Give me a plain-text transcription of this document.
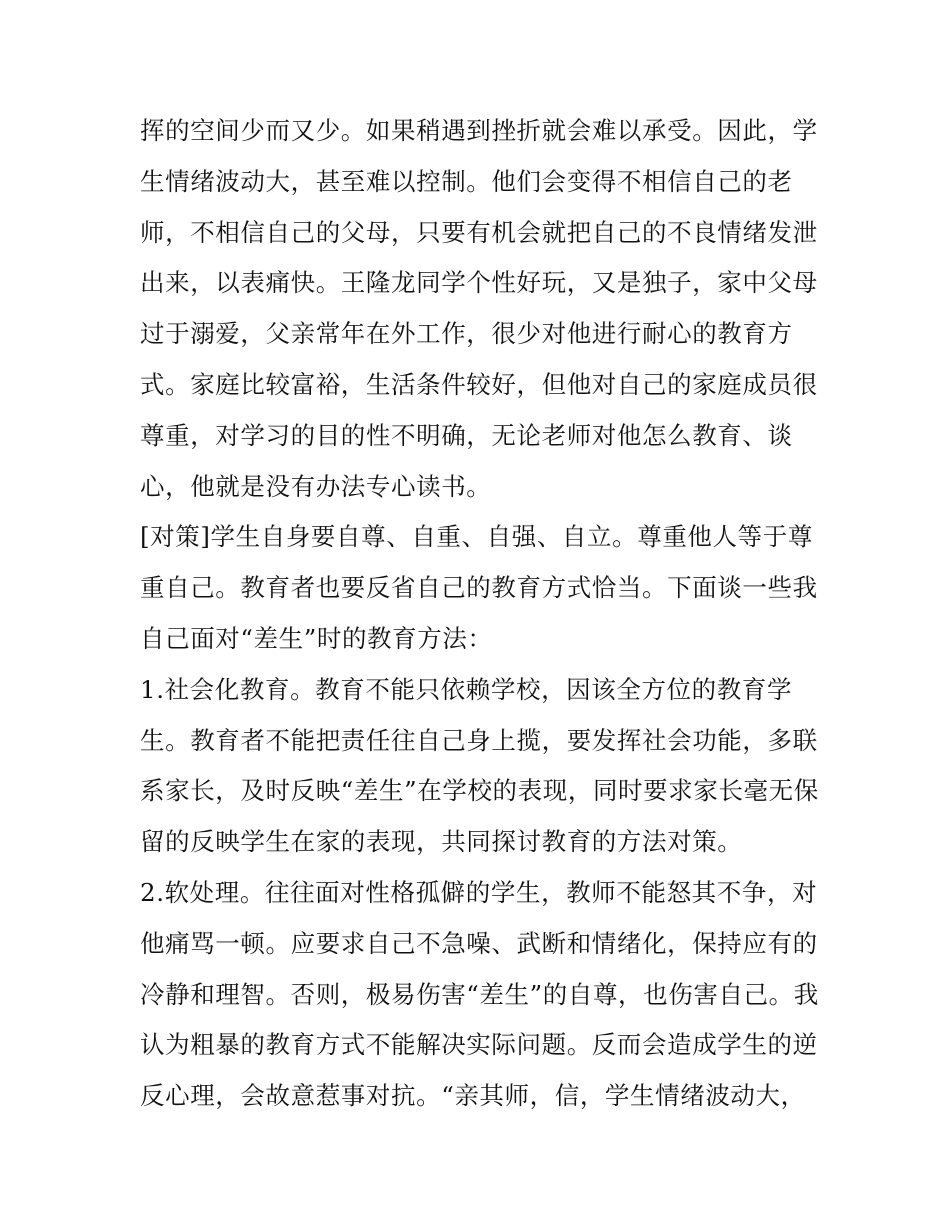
挥的空间少而又少。如果稍遇到挫折就会难以承受。因此，学
生情绪波动大，甚至难以控制。他们会变得不相信自己的老
师，不相信自己的父母，只要有机会就把自己的不良情绪发泄
出来，以表痛快。王隆龙同学个性好玩，又是独子，家中父母
过于溺爱，父亲常年在外工作，很少对他进行耐心的教育方
式。家庭比较富裕，生活条件较好，但他对自己的家庭成员很
尊重，对学习的目的性不明确，无论老师对他怎么教育、谈
心，他就是没有办法专心读书。
[对策]学生自身要自尊、自重、自强、自立。尊重他人等于尊
重自己。教育者也要反省自己的教育方式恰当。下面谈一些我
自己面对“差生”时的教育方法：
1.社会化教育。教育不能只依赖学校，因该全方位的教育学
生。教育者不能把责任往自己身上揽，要发挥社会功能，多联
系家长，及时反映“差生”在学校的表现，同时要求家长毫无保
留的反映学生在家的表现，共同探讨教育的方法对策。
2.软处理。往往面对性格孤僻的学生，教师不能怒其不争，对
他痛骂一顿。应要求自己不急噪、武断和情绪化，保持应有的
冷静和理智。否则，极易伤害“差生”的自尊，也伤害自己。我
认为粗暴的教育方式不能解决实际问题。反而会造成学生的逆
反心理，会故意惹事对抗。“亲其师，信，学生情绪波动大，
